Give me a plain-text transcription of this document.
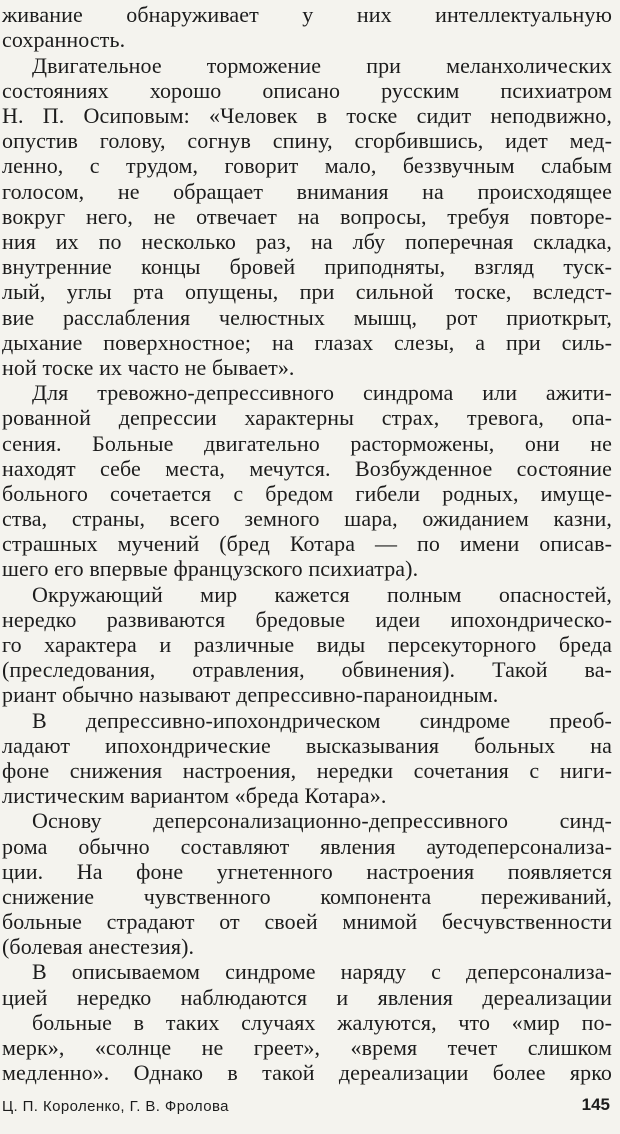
живание обнаруживает у них интеллектуальную
сохранность.
Двигательное торможение при меланхолических
состояниях хорошо описано русским психиатром
Н. П. Осиповым: «Человек в тоске сидит неподвижно,
опустив голову, согнув спину, сгорбившись, идет мед-
ленно, с трудом, говорит мало, беззвучным слабым
голосом, не обращает внимания на происходящее
вокруг него, не отвечает на вопросы, требуя повторе-
ния их по несколько раз, на лбу поперечная складка,
внутренние концы бровей приподняты, взгляд туск-
лый, углы рта опущены, при сильной тоске, вследст-
вие расслабления челюстных мышц, рот приоткрыт,
дыхание поверхностное; на глазах слезы, а при силь-
ной тоске их часто не бывает».
Для тревожно-депрессивного синдрома или ажити-
рованной депрессии характерны страх, тревога, опа-
сения. Больные двигательно расторможены, они не
находят себе места, мечутся. Возбужденное состояние
больного сочетается с бредом гибели родных, имуще-
ства, страны, всего земного шара, ожиданием казни,
страшных мучений (бред Котара — по имени описав-
шего его впервые французского психиатра).
Окружающий мир кажется полным опасностей,
нередко развиваются бредовые идеи ипохондрическо-
го характера и различные виды персекуторного бреда
(преследования, отравления, обвинения). Такой ва-
риант обычно называют депрессивно-параноидным.
В депрессивно-ипохондрическом синдроме преоб-
ладают ипохондрические высказывания больных на
фоне снижения настроения, нередки сочетания с ниги-
листическим вариантом «бреда Котара».
Основу деперсонализационно-депрессивного синд-
рома обычно составляют явления аутодеперсонализа-
ции. На фоне угнетенного настроения появляется
снижение чувственного компонента переживаний,
больные страдают от своей мнимой бесчувственности
(болевая анестезия).
В описываемом синдроме наряду с деперсонализа-
цией нередко наблюдаются и явления дереализации
больные в таких случаях жалуются, что «мир по-
мерк», «солнце не греет», «время течет слишком
медленно». Однако в такой дереализации более ярко
Ц. П. Короленко, Г. В. Фролова	145
